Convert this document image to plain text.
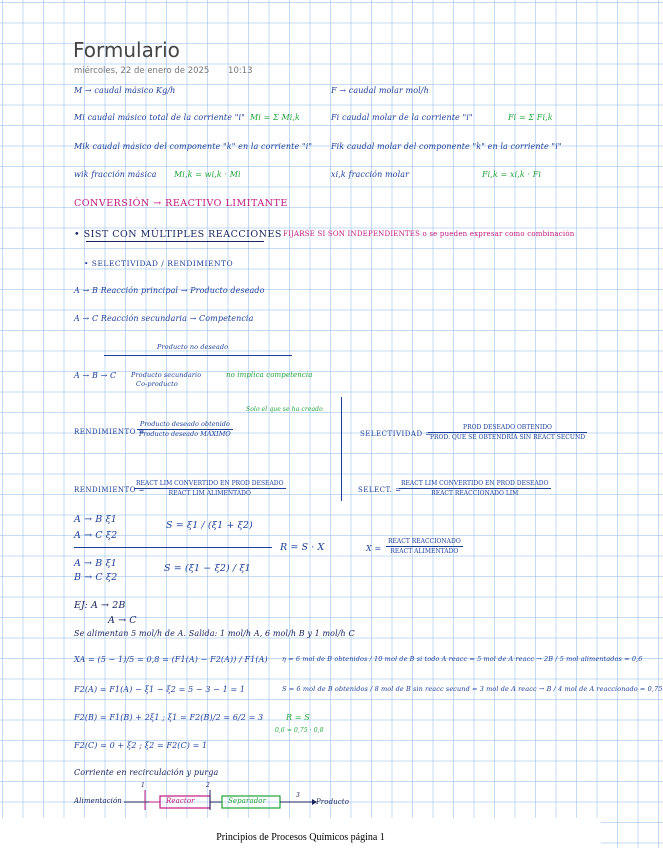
Formulario
miércoles, 22 de enero de 2025 10:13
M → caudal másico Kg/h	F → caudal molar mol/h
Mi caudal másico total de la corriente "i" Mi = Σ Mi,k	Fi caudal molar de la corriente "i"	Fi = Σ Fi,k
Mik caudal másico del componente "k" en la corriente "i" Fik caudal molar del componente "k" en la corriente "i"
wik fracción másica Mi,k = wi,k · Mi	xi,k fracción molar	Fi,k = xi,k · Fi
CONVERSIÓN → REACTIVO LIMITANTE
• SIST CON MÚLTIPLES REACCIONES FIJARSE SI SON INDEPENDIENTES o se pueden expresar como combinación
• SELECTIVIDAD / RENDIMIENTO
A → B Reacción principal → Producto deseado
A → C Reacción secundaria → Competencia
Producto no deseado
A → B → C Producto secundario
Co-producto
no implica competencia
RENDIMIENTO =
Producto deseado obtenido
Producto deseado MÁXIMO
Solo el que se ha creado
SELECTIVIDAD =
PROD DESEADO OBTENIDO
PROD. QUE SE OBTENDRÍA SIN REACT SECUND
RENDIMIENTO =
REACT LIM CONVERTIDO EN PROD DESEADO
REACT LIM ALIMENTADO	SELECT. =
REACT LIM CONVERTIDO EN PROD DESEADO
REACT REACCIONADO LIM
A → B ξ1
A → C ξ2
S = ξ1 / (ξ1 + ξ2)
R = S · X	X =
REACT REACCIONADO
REACT ALIMENTADO
A → B ξ1
B → C ξ2
S = (ξ1 − ξ2) / ξ1
EJ: A → 2B
A → C
Se alimentan 5 mol/h de A. Salida: 1 mol/h A, 6 mol/h B y 1 mol/h C
XA = (5 − 1)/5 = 0,8 = (F1(A) − F2(A)) / F1(A) η = 6 mol de B obtenidos / 10 mol de B si todo A reacc = 5 mol de A reacc → 2B / 5 mol alimentados = 0,6
F2(A) = F1(A) − ξ1 − ξ2 = 5 − 3 − 1 = 1	S = 6 mol de B obtenidos / 8 mol de B sin reacc secund = 3 mol de A reacc → B / 4 mol de A reaccionado = 0,75
F2(B) = F1(B) + 2ξ1 ; ξ1 = F2(B)/2 = 6/2 = 3	R = S
0,6 = 0,75 · 0,8
F2(C) = 0 + ξ2 ; ξ2 = F2(C) = 1
Corriente en recirculación y purga
Alimentación
1
Reactor
2
Separador
3
Producto
Principios de Procesos Químicos página 1
